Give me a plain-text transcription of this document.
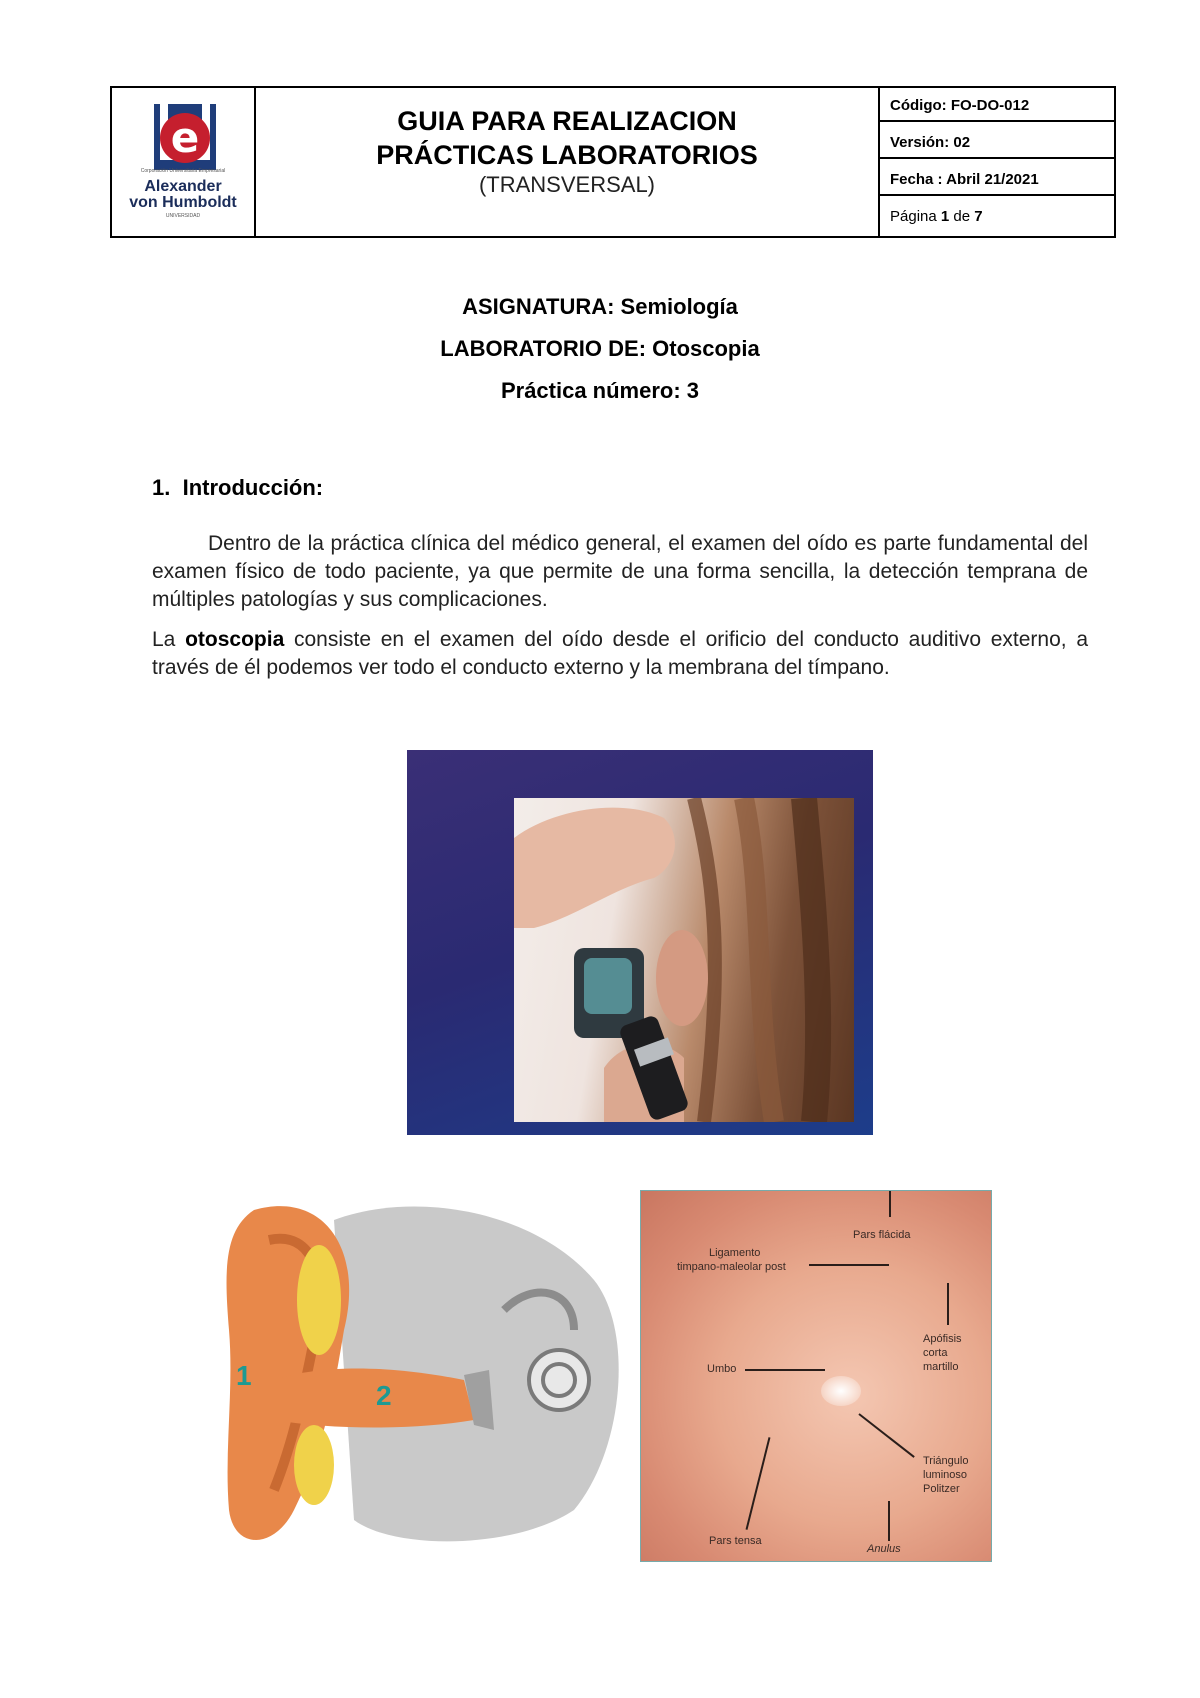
e
Corporación Universitaria Empresarial
Alexander
von Humboldt
UNIVERSIDAD
GUIA PARA REALIZACION
PRÁCTICAS LABORATORIOS
(TRANSVERSAL)
Código: FO-DO-012
Versión: 02
Fecha : Abril 21/2021
Página 1 de 7
ASIGNATURA: Semiología
LABORATORIO DE: Otoscopia
Práctica número: 3
1. Introducción:
Dentro de la práctica clínica del médico general, el examen del oído es parte fundamental del examen físico de todo paciente, ya que permite de una forma sencilla, la detección temprana de múltiples patologías y sus complicaciones.
La otoscopia consiste en el examen del oído desde el orificio del conducto auditivo externo, a través de él podemos ver todo el conducto externo y la membrana del tímpano.
1
2
Pars flácida
Ligamento
timpano-maleolar post
Apófisis
corta
martillo
Umbo
Triángulo
luminoso
Politzer
Pars tensa
Anulus
